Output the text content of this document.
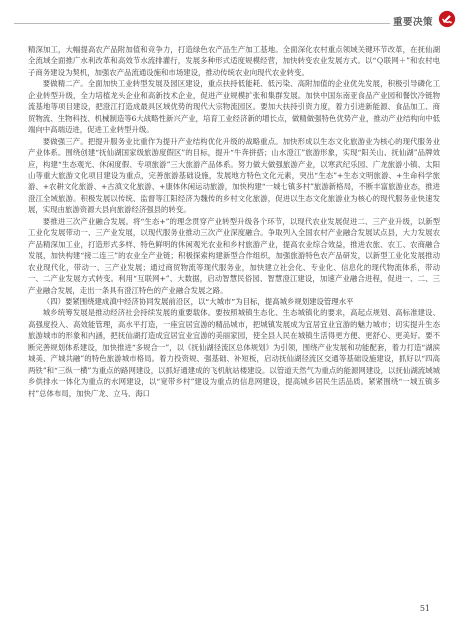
重要决策

精深加工，大幅提高农产品附加值和竞争力，打造绿色农产品生产加工基地。全面深化农村重点领域关键环节改革，在抚仙湖全流域全面推广水利改革和高效节水流排灌行，发展多种形式适度规模经营，加快转变农业发展方式。以“Ｑ联网＋”和农村电子商务建设为契机，加强农产品流通设施和市场建设，推动传统农业向现代农业转变。

要做精二产。全面加快工业转型发展及园区建设，重点扶持低能耗、低污染、高附加值的企业优先发展，积极引导磷化工企业转型升级，全力培植龙头企业和高新技术企业，促进产业规模扩张和集群发展。加快中国东南亚食品产业园和餐饮冷链物流基地等项目建设，把澄江打造成最具区域优势的现代大宗物流园区。要加大扶持引资力度，着力引进新能源、食品加工、商贸物流、生物科技、机械制造等6大战略性新兴产业，培育工业经济新的增长点，做精做强特色优势产业，推动产业结构向中低端向中高端迈进，促进工业转型升级。

要做强三产。把提升服务业比重作为提升产业结构优化升级的战略重点。加快形成以生态文化旅游业为核心的现代服务业产业体系。围绕创建“抚仙湖国家级旅游度假区”的目标，提升“牛奔拼搭；山水澄江”旅游形象，实现“阳关山、抚仙湖”品牌效应，构建“生态观光、休闲度假、专项旅游”三大旅游产品体系。努力做大做强旅游产业，以寒武纪乐园、广龙旅游小镇、太阳山等重大旅游文化项目建设为重点，完善旅游基础设施，发展地方特色文化元素，突出“生态”+生态文明旅游、+生命科学旅游、+农耕文化旅游、+古滇文化旅游、+康体休闲运动旅游，加快构建“一城七镇多村”旅游新格局，不断丰富旅游业态，推进澄江全域旅游。积极发展以传统、监督等江阳经济为魏传的乡村文化旅游，促进以生态文化旅游业为核心的现代服务业快速发展，实现由旅游资源大县向旅游经济强县的转变。

要推进三次产业融合发展。将“生态+”的理念贯穿产业转型升级各个环节，以现代农业发展促进二、三产业升级，以新型工业化发展带动一、三产业发展，以现代服务业推动三次产业深度融合。争取列入全国农村产业融合发展试点县，大力发展农产品精深加工业，打造形式多样、特色鲜明的休闲观光农业和乡村旅游产业，提高农业综合效益，推进农旅、农工、农商融合发展，加快构建“接二连三”的农业全产业链；积极探索构建新型合作组织，加强旅游特色农产品研发，以新型工业化发展推动农业现代化，带动一、三产业发展；通过商贸物流等现代服务业，加快建立社会化、专业化、信息化的现代物流体系，带动一、二产业发展方式转变。利用“互联网+”、大数据，启动智慧民俗园、智慧澄江建设，加速产业融合进程，促进一、二、三产业融合发展，走出一条具有澄江特色的产业融合发展之路。

（四）要紧围绕建成滇中经济协同发展前沿区，以“大城市”为目标，提高城乡规划建设管理水平

城乡统筹发展是推动经济社会持续发展的重要载体。要按照城镇生态化、生态城镇化的要求，高起点规划、高标准建设、高强度投入、高效能管理，高水平打造，一座宜居宜游的精品城市，把城镇发展成为宜居宜业宜游的魅力城市；切实提升生态旅游城市的形象和内涵，把抚仙湖打造成宜居宜业宜游的美丽家园，使全县人民在城镇生活得更方便、更舒心、更美好。要不断完善规划体系建设，加快推进“多规合一”，以《抚仙湖径流区总体规划》为引领，围绕产业发展和功能配套，着力打造“湖滨城美、产城共融”的特色旅游城市格局。着力投资规、强基础、补短板，启动抚仙湖径流区交通等基础设施建设，抓好以“四高两铁”和“三纵一横”为重点的路网建设，以抓好通建成的飞机航站楼建设。以管道天然气为重点的能源网建设，以抚仙湖流域城乡供排水一体化为重点的水网建设，以“宽带乡村”建设为重点的信息网建设，提高城乡居民生活品质。紧紧围绕“一城五镇多村”总体布局，加快广龙、立马、海口

51
